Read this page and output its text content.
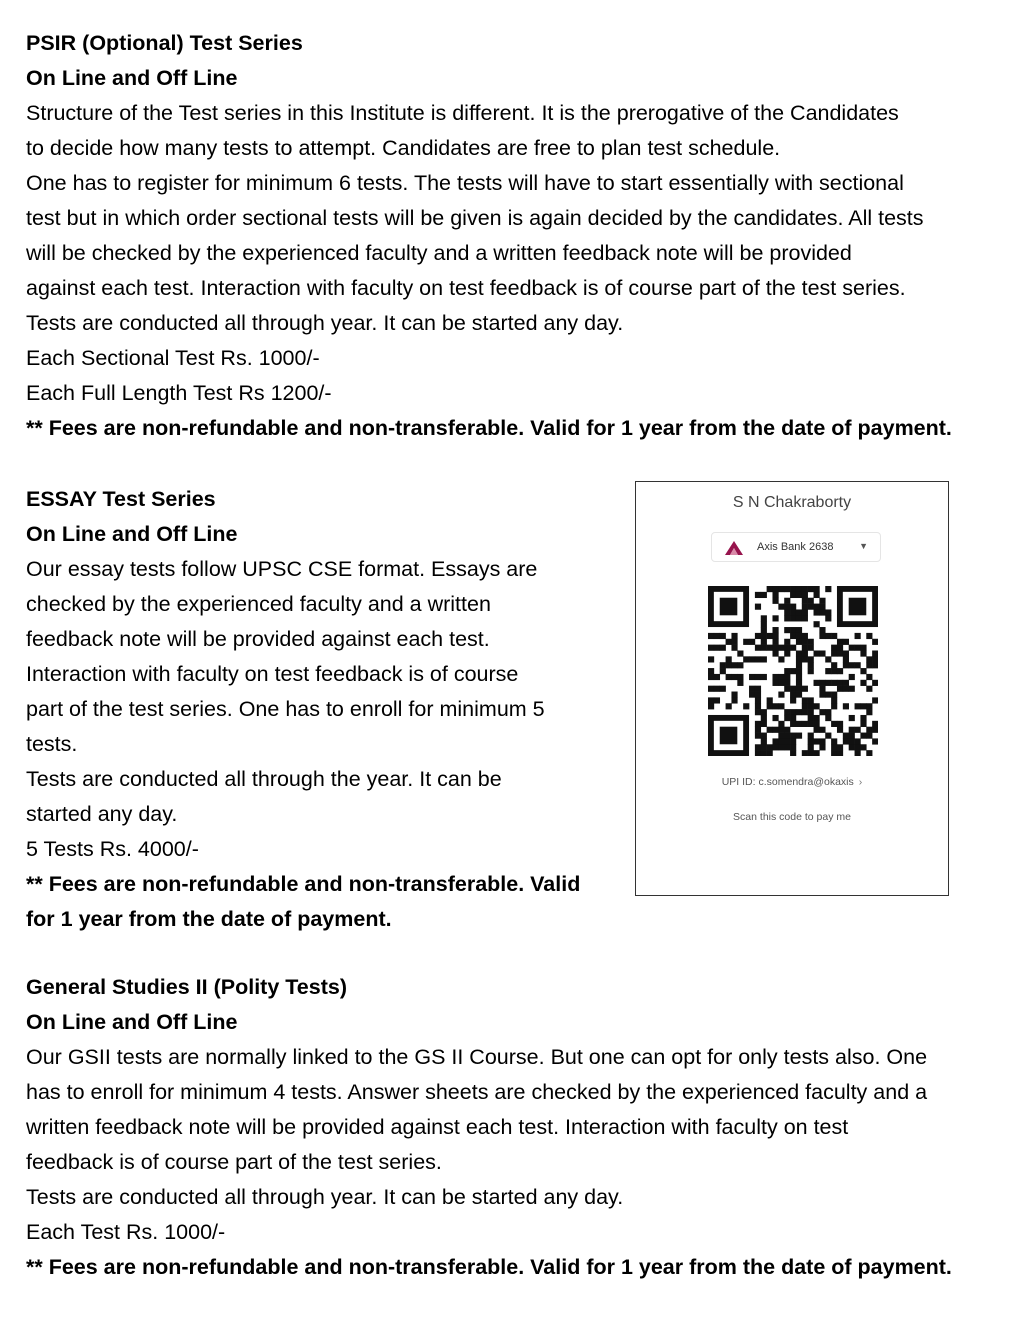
PSIR (Optional) Test Series
On Line and Off Line
Structure of the Test series in this Institute is different. It is the prerogative of the Candidates
to decide how many tests to attempt. Candidates are free to plan test schedule.
One has to register for minimum 6 tests. The tests will have to start essentially with sectional
test but in which order sectional tests will be given is again decided by the candidates. All tests
will be checked by the experienced faculty and a written feedback note will be provided
against each test. Interaction with faculty on test feedback is of course part of the test series.
Tests are conducted all through year. It can be started any day.
Each Sectional Test Rs. 1000/-
Each Full Length Test Rs 1200/-
** Fees are non-refundable and non-transferable. Valid for 1 year from the date of payment.
ESSAY Test Series
On Line and Off Line
Our essay tests follow UPSC CSE format. Essays are
checked by the experienced faculty and a written
feedback note will be provided against each test.
Interaction with faculty on test feedback is of course
part of the test series. One has to enroll for minimum 5
tests.
Tests are conducted all through the year. It can be
started any day.
5 Tests Rs. 4000/-
** Fees are non-refundable and non-transferable. Valid
for 1 year from the date of payment.
General Studies II (Polity Tests)
On Line and Off Line
Our GSII tests are normally linked to the GS II Course. But one can opt for only tests also. One
has to enroll for minimum 4 tests. Answer sheets are checked by the experienced faculty and a
written feedback note will be provided against each test. Interaction with faculty on test
feedback is of course part of the test series.
Tests are conducted all through year. It can be started any day.
Each Test Rs. 1000/-
** Fees are non-refundable and non-transferable. Valid for 1 year from the date of payment.
S N Chakraborty
Axis Bank 2638	▼
UPI ID: c.somendra@okaxis ›
Scan this code to pay me
